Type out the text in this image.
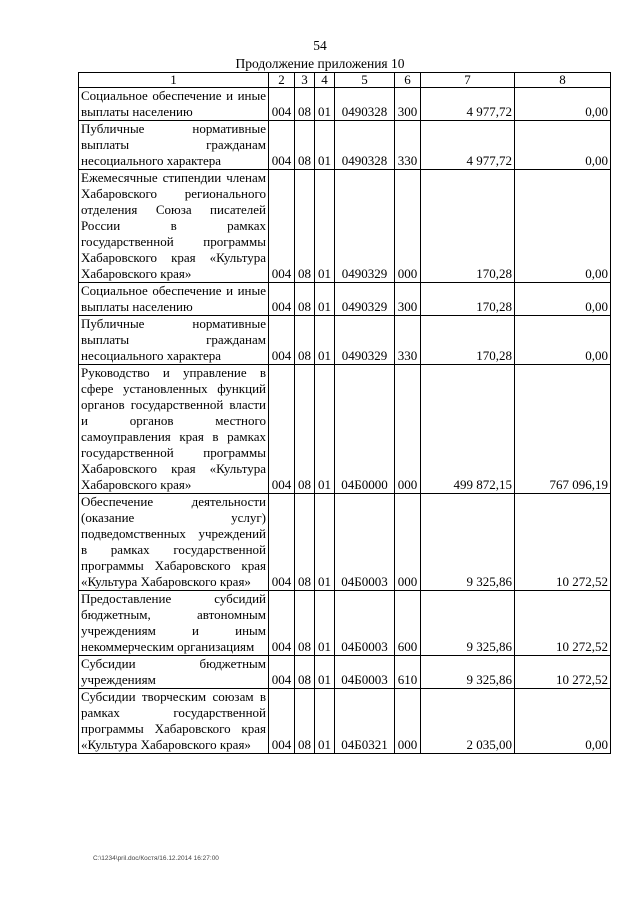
54
Продолжение приложения 10
1	2	3	4	5	6	7	8
Социальное обеспечение и иные выплаты населению	004	08	01	0490328	300	4 977,72	0,00
Публичные нормативные выплаты гражданам несоциального характера	004	08	01	0490328	330	4 977,72	0,00
Ежемесячные стипендии членам Хабаровского регионального отделения Союза писателей России в рамках государственной программы Хабаровского края «Культура Хабаровского края»	004	08	01	0490329	000	170,28	0,00
Социальное обеспечение и иные выплаты населению	004	08	01	0490329	300	170,28	0,00
Публичные нормативные выплаты гражданам несоциального характера	004	08	01	0490329	330	170,28	0,00
Руководство и управление в сфере установленных функций органов государственной власти и органов местного самоуправления края в рамках государственной программы Хабаровского края «Культура Хабаровского края»	004	08	01	04Б0000	000	499 872,15	767 096,19
Обеспечение деятельности (оказание услуг) подведомственных учреждений в рамках государственной программы Хабаровского края «Культура Хабаровского края»	004	08	01	04Б0003	000	9 325,86	10 272,52
Предоставление субсидий бюджетным, автономным учреждениям и иным некоммерческим организациям	004	08	01	04Б0003	600	9 325,86	10 272,52
Субсидии бюджетным учреждениям	004	08	01	04Б0003	610	9 325,86	10 272,52
Субсидии творческим союзам в рамках государственной программы Хабаровского края «Культура Хабаровского края»	004	08	01	04Б0321	000	2 035,00	0,00
C:\1234\pril.doc/Костя/16.12.2014 16:27:00
